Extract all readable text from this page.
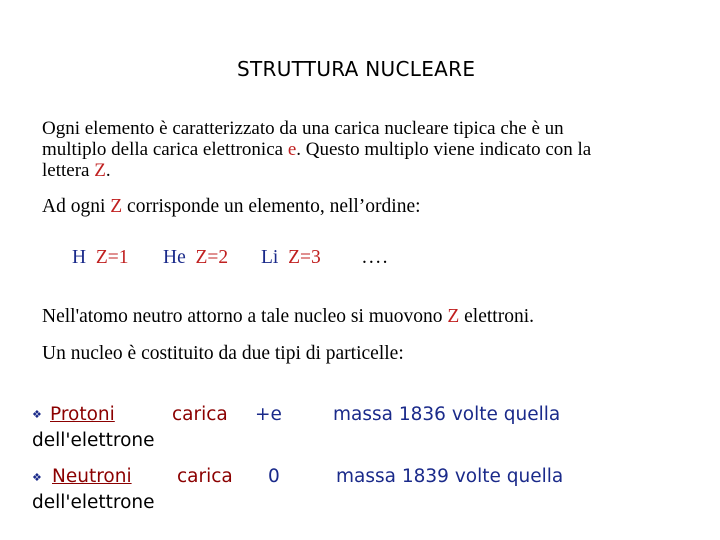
STRUTTURA NUCLEARE

Ogni elemento è caratterizzato da una carica nucleare tipica che è un

multiplo della carica elettronica e. Questo multiplo viene indicato con la

lettera Z.

Ad ogni Z corrisponde un elemento, nell’ordine:
H Z=1 He Z=2 Li Z=3 ....
Nell'atomo neutro attorno a tale nucleo si muovono Z elettroni.
Un nucleo è costituito da due tipi di particelle:
❖ Protoni	carica +e	massa 1836 volte quella
dell'elettrone
❖ Neutroni carica 0	massa 1839 volte quella
dell'elettrone
